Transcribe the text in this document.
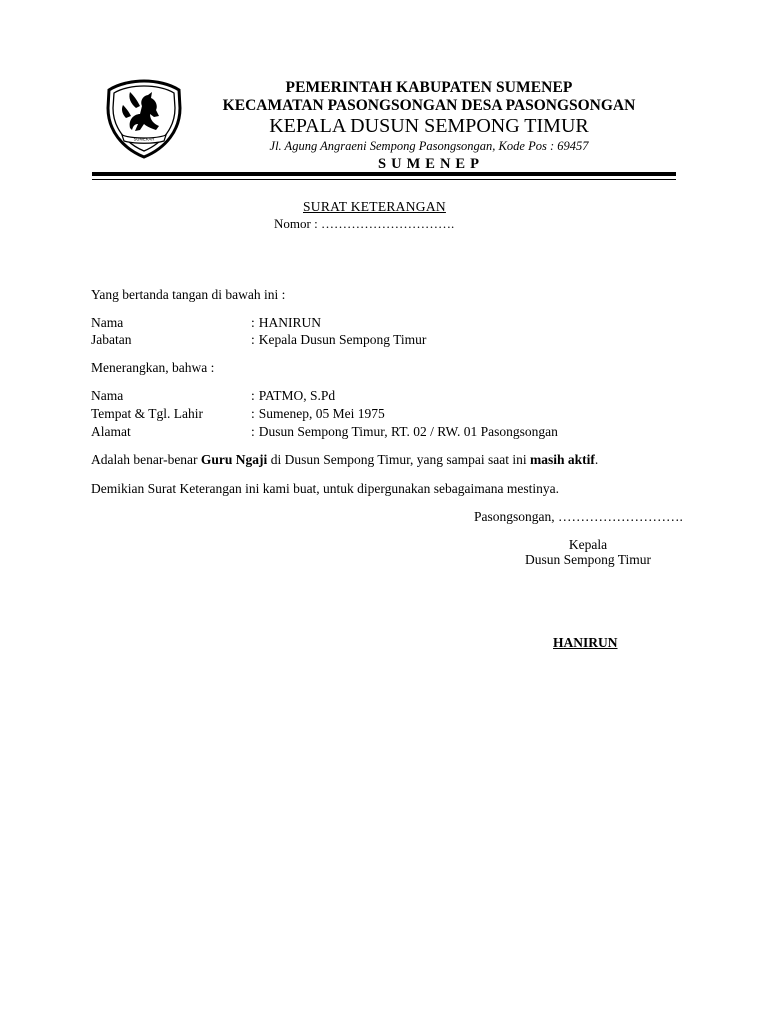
SUMEKAR
PEMERINTAH KABUPATEN SUMENEP
KECAMATAN PASONGSONGAN DESA PASONGSONGAN
KEPALA DUSUN SEMPONG TIMUR
Jl. Agung Angraeni Sempong Pasongsongan, Kode Pos : 69457
SUMENEP
SURAT KETERANGAN
Nomor : ………………………….
Yang bertanda tangan di bawah ini :
Nama	: HANIRUN
Jabatan	: Kepala Dusun Sempong Timur
Menerangkan, bahwa :
Nama	: PATMO, S.Pd
Tempat & Tgl. Lahir	: Sumenep, 05 Mei 1975
Alamat	: Dusun Sempong Timur, RT. 02 / RW. 01 Pasongsongan
Adalah benar-benar Guru Ngaji di Dusun Sempong Timur, yang sampai saat ini masih aktif.
Demikian Surat Keterangan ini kami buat, untuk dipergunakan sebagaimana mestinya.
Pasongsongan, ……………………….
Kepala
Dusun Sempong Timur
HANIRUN
